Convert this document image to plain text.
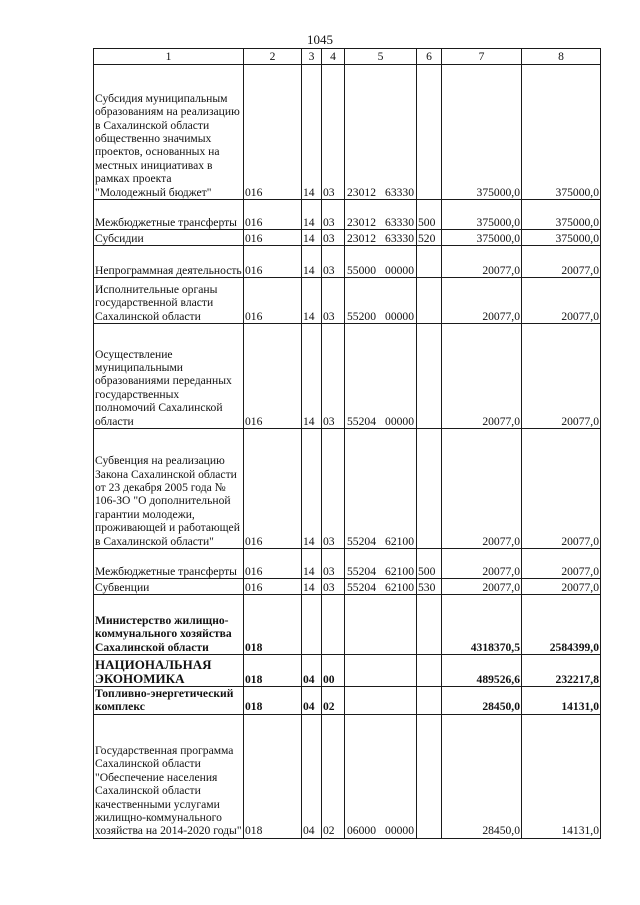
1045
1	2	3	4	5	6	7	8
Субсидия муниципальным образованиям на реализацию в Сахалинской области общественно значимых проектов, основанных на местных инициативах в рамках проекта "Молодежный бюджет"	016	14	03	23012 63330		375000,0	375000,0
Межбюджетные трансферты	016	14	03	23012 63330	500	375000,0	375000,0
Субсидии	016	14	03	23012 63330	520	375000,0	375000,0
Непрограммная деятельность	016	14	03	55000 00000		20077,0	20077,0
Исполнительные органы государственной власти Сахалинской области	016	14	03	55200 00000		20077,0	20077,0
Осуществление муниципальными образованиями переданных государственных полномочий Сахалинской области	016	14	03	55204 00000		20077,0	20077,0
Субвенция на реализацию Закона Сахалинской области от 23 декабря 2005 года № 106-ЗО "О дополнительной гарантии молодежи, проживающей и работающей в Сахалинской области"	016	14	03	55204 62100		20077,0	20077,0
Межбюджетные трансферты	016	14	03	55204 62100	500	20077,0	20077,0
Субвенции	016	14	03	55204 62100	530	20077,0	20077,0
Министерство жилищно-коммунального хозяйства Сахалинской области	018					4318370,5	2584399,0
НАЦИОНАЛЬНАЯ ЭКОНОМИКА	018	04	00			489526,6	232217,8
Топливно-энергетический комплекс	018	04	02			28450,0	14131,0
Государственная программа Сахалинской области "Обеспечение населения Сахалинской области качественными услугами жилищно-коммунального хозяйства на 2014-2020 годы"	018	04	02	06000 00000		28450,0	14131,0
